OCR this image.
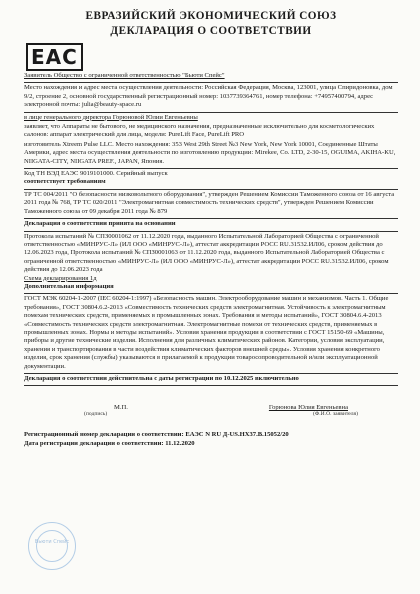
ЕВРАЗИЙСКИЙ ЭКОНОМИЧЕСКИЙ СОЮЗ
ДЕКЛАРАЦИЯ О СООТВЕТСТВИИ
ЕАС
Заявитель Общество с ограниченной ответственностью "Бьюти Спейс"
Место нахождения и адрес места осуществления деятельности: Российская Федерация, Москва, 123001, улица Спиридоновка, дом 9/2, строение 2, основной государственный регистрационный номер: 1037739364761, номер телефона: +74957400794, адрес электронной почты: julia@beauty-space.ru
в лице генерального директора Горюновой Юлии Евгеньевны
заявляет, что Аппараты не бытового, не медицинского назначения, предназначенные исключительно для косметологических салонов: аппарат электрический для лица, модели: PureLift Face, PureLift PRO
изготовитель Xtreem Pulse LLC. Место нахождения: 353 West 29th Street №3 New York, New York 10001, Соединенные Штаты Америки, адрес места осуществления деятельности по изготовлению продукции: Mirekee, Co. LTD, 2-30-15, OGUIMA, AKIHA-KU, NIIGATA-CITY, NIIGATA PREF., JAPAN, Япония.
Код ТН ВЭД ЕАЭС 9019101000. Серийный выпуск
соответствует требованиям
ТР ТС 004/2011 "О безопасности низковольтного оборудования", утвержден Решением Комиссии Таможенного союза от 16 августа 2011 года № 768, ТР ТС 020/2011 "Электромагнитная совместимость технических средств", утвержден Решением Комиссии Таможенного союза от 09 декабря 2011 года № 879
Декларация о соответствии принята на основании
Протокола испытаний № СПЗ0001062 от 11.12.2020 года, выданного Испытательной Лабораторией Общества с ограниченной ответственностью «МИНРУС-Л» (ИЛ ООО «МИНРУС-Л»), аттестат аккредитации РОСС RU.31532.ИЛ06, сроком действия до 12.06.2023 года, Протокола испытаний № СПЗ0001063 от 11.12.2020 года, выданного Испытательной Лабораторией Общества с ограниченной ответственностью «МИНРУС-Л» (ИЛ ООО «МИНРУС-Л»), аттестат аккредитации РОСС RU.31532.ИЛ06, сроком действия до 12.06.2023 года
Схема декларирования 1д
Дополнительная информация
ГОСТ МЭК 60204-1-2007 (IEC 60204-1:1997) «Безопасность машин. Электрооборудование машин и механизмов. Часть 1. Общие требования», ГОСТ 30804.6.2-2013 «Совместимость технических средств электромагнитная. Устойчивость к электромагнитным помехам технических средств, применяемых в промышленных зонах. Требования и методы испытаний», ГОСТ 30804.6.4-2013 «Совместимость технических средств электромагнитная. Электромагнитные помехи от технических средств, применяемых в промышленных зонах. Нормы и методы испытаний». Условия хранения продукции в соответствии с ГОСТ 15150-69 «Машины, приборы и другие технические изделия. Исполнения для различных климатических районов. Категории, условия эксплуатации, хранения и транспортирования в части воздействия климатических факторов внешней среды». Условия хранения конкретного изделия, срок хранения (службы) указываются в прилагаемой к продукции товаросопроводительной и/или эксплуатационной документации.
Декларация о соответствии действительна с даты регистрации по 10.12.2025 включительно
М.П.	Горюнова Юлия Евгеньевна
(подпись)	(Ф.И.О. заявителя)
Регистрационный номер декларации о соответствии: ЕАЭС N RU Д-US.HX37.B.15052/20
Дата регистрации декларации о соответствии: 11.12.2020
Бьюти Спейс
